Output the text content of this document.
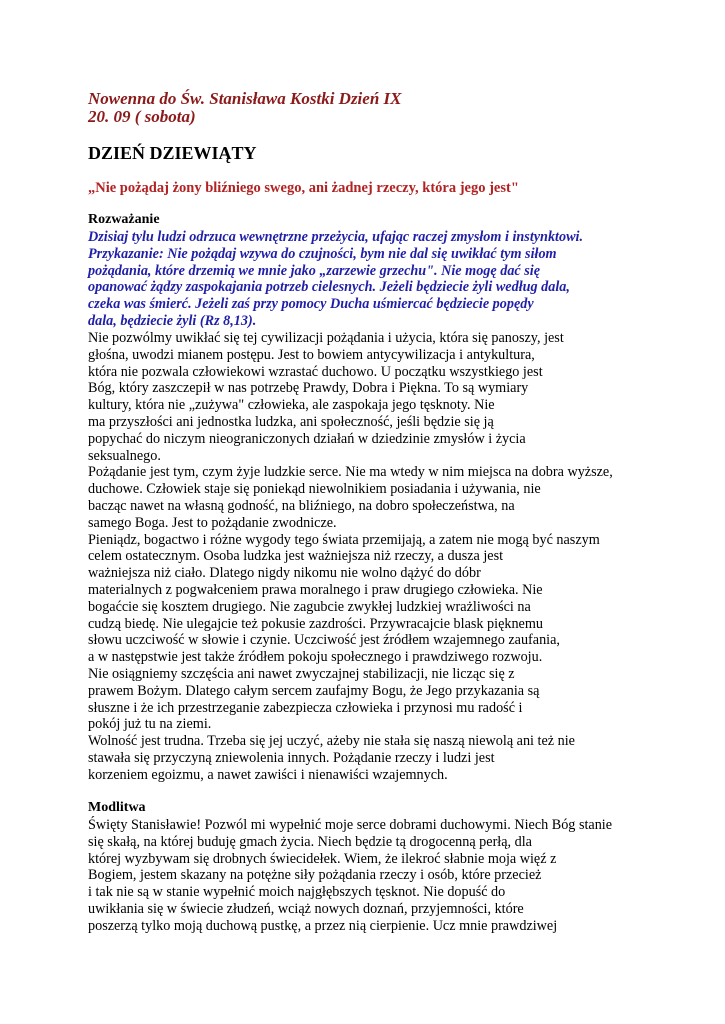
Nowenna do Św. Stanisława Kostki Dzień IX
20. 09 ( sobota)
DZIEŃ DZIEWIĄTY
„Nie pożądaj żony bliźniego swego, ani żadnej rzeczy, która jego jest"
Rozważanie
Dzisiaj tylu ludzi odrzuca wewnętrzne przeżycia, ufając raczej zmysłom i instynktowi.
Przykazanie: Nie pożądaj wzywa do czujności, bym nie dal się uwikłać tym siłom
pożądania, które drzemią we mnie jako „zarzewie grzechu". Nie mogę dać się
opanować żądzy zaspokajania potrzeb cielesnych. Jeżeli będziecie żyli według dala,
czeka was śmierć. Jeżeli zaś przy pomocy Ducha uśmiercać będziecie popędy
dala, będziecie żyli (Rz 8,13).
Nie pozwólmy uwikłać się tej cywilizacji pożądania i użycia, która się panoszy, jest
głośna, uwodzi mianem postępu. Jest to bowiem antycywilizacja i antykultura,
która nie pozwala człowiekowi wzrastać duchowo. U początku wszystkiego jest
Bóg, który zaszczepił w nas potrzebę Prawdy, Dobra i Piękna. To są wymiary
kultury, która nie „zużywa" człowieka, ale zaspokaja jego tęsknoty. Nie
ma przyszłości ani jednostka ludzka, ani społeczność, jeśli będzie się ją
popychać do niczym nieograniczonych działań w dziedzinie zmysłów i życia
seksualnego.
Pożądanie jest tym, czym żyje ludzkie serce. Nie ma wtedy w nim miejsca na dobra wyższe,
duchowe. Człowiek staje się poniekąd niewolnikiem posiadania i używania, nie
bacząc nawet na własną godność, na bliźniego, na dobro społeczeństwa, na
samego Boga. Jest to pożądanie zwodnicze.
Pieniądz, bogactwo i różne wygody tego świata przemijają, a zatem nie mogą być naszym
celem ostatecznym. Osoba ludzka jest ważniejsza niż rzeczy, a dusza jest
ważniejsza niż ciało. Dlatego nigdy nikomu nie wolno dążyć do dóbr
materialnych z pogwałceniem prawa moralnego i praw drugiego człowieka. Nie
bogaćcie się kosztem drugiego. Nie zagubcie zwykłej ludzkiej wrażliwości na
cudzą biedę. Nie ulegajcie też pokusie zazdrości. Przywracajcie blask pięknemu
słowu uczciwość w słowie i czynie. Uczciwość jest źródłem wzajemnego zaufania,
a w następstwie jest także źródłem pokoju społecznego i prawdziwego rozwoju.
Nie osiągniemy szczęścia ani nawet zwyczajnej stabilizacji, nie licząc się z
prawem Bożym. Dlatego całym sercem zaufajmy Bogu, że Jego przykazania są
słuszne i że ich przestrzeganie zabezpiecza człowieka i przynosi mu radość i
pokój już tu na ziemi.
Wolność jest trudna. Trzeba się jej uczyć, ażeby nie stała się naszą niewolą ani też nie
stawała się przyczyną zniewolenia innych. Pożądanie rzeczy i ludzi jest
korzeniem egoizmu, a nawet zawiści i nienawiści wzajemnych.
Modlitwa
Święty Stanisławie! Pozwól mi wypełnić moje serce dobrami duchowymi. Niech Bóg stanie
się skałą, na której buduję gmach życia. Niech będzie tą drogocenną perłą, dla
której wyzbywam się drobnych świecidełek. Wiem, że ilekroć słabnie moja więź z
Bogiem, jestem skazany na potężne siły pożądania rzeczy i osób, które przecież
i tak nie są w stanie wypełnić moich najgłębszych tęsknot. Nie dopuść do
uwikłania się w świecie złudzeń, wciąż nowych doznań, przyjemności, które
poszerzą tylko moją duchową pustkę, a przez nią cierpienie. Ucz mnie prawdziwej
